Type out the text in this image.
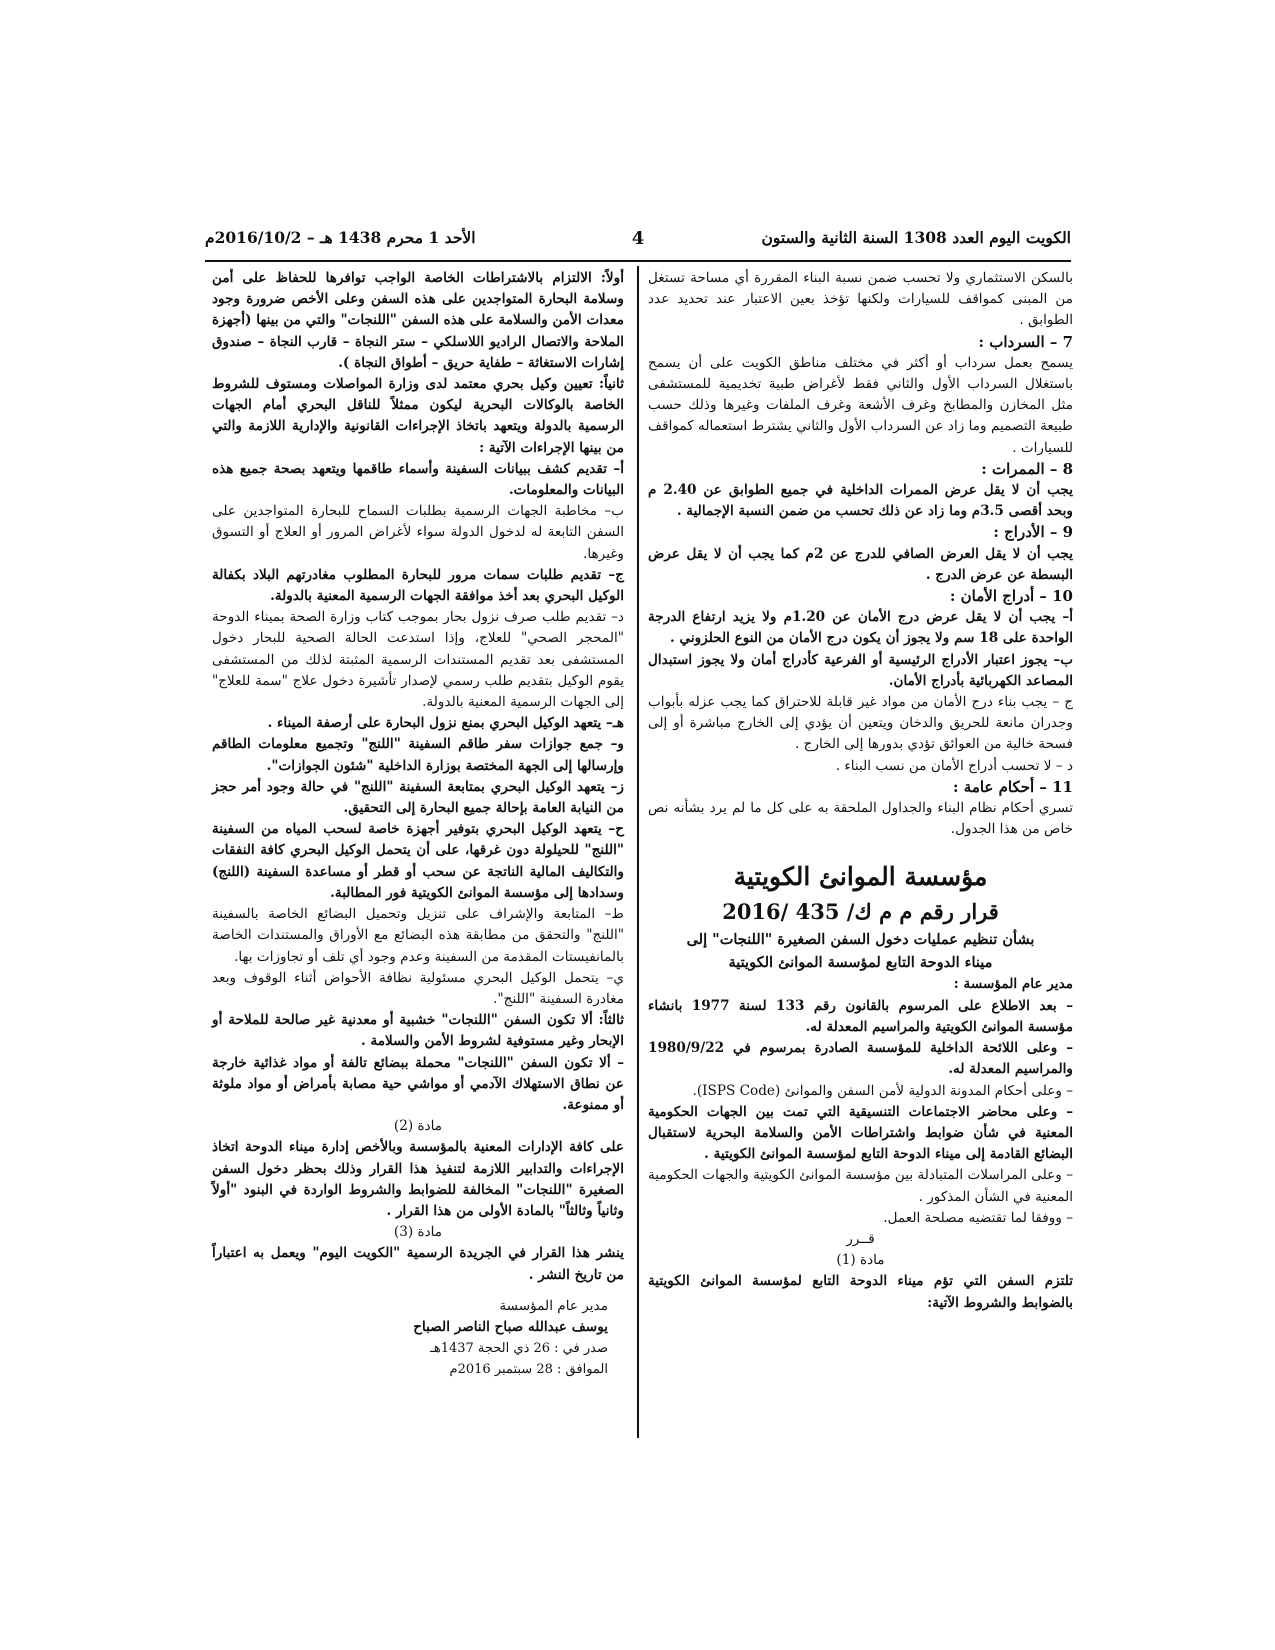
الكويت اليوم العدد 1308 السنة الثانية والستون
4
الأحد 1 محرم 1438 هـ – 2016/10/2م

بالسكن الاستثماري ولا تحسب ضمن نسبة البناء المقررة أي مساحة تستغل من المبنى كمواقف للسيارات ولكنها تؤخذ بعين الاعتبار عند تحديد عدد الطوابق .

7 – السرداب :

يسمح بعمل سرداب أو أكثر في مختلف مناطق الكويت على أن يسمح باستغلال السرداب الأول والثاني فقط لأغراض طبية تخديمية للمستشفى مثل المخازن والمطابخ وغرف الأشعة وغرف الملفات وغيرها وذلك حسب طبيعة التصميم وما زاد عن السرداب الأول والثاني يشترط استعماله كمواقف للسيارات .

8 – الممرات :

يجب أن لا يقل عرض الممرات الداخلية في جميع الطوابق عن 2.40 م وبحد أقصى 3.5م وما زاد عن ذلك تحسب من ضمن النسبة الإجمالية .

9 – الأدراج :

يجب أن لا يقل العرض الصافي للدرج عن 2م كما يجب أن لا يقل عرض البسطة عن عرض الدرج .

10 – أدراج الأمان :

أ– يجب أن لا يقل عرض درج الأمان عن 1.20م ولا يزيد ارتفاع الدرجة الواحدة على 18 سم ولا يجوز أن يكون درج الأمان من النوع الحلزوني .

ب– يجوز اعتبار الأدراج الرئيسية أو الفرعية كأدراج أمان ولا يجوز استبدال المصاعد الكهربائية بأدراج الأمان.

ج – يجب بناء درج الأمان من مواد غير قابلة للاحتراق كما يجب عزله بأبواب وجدران مانعة للحريق والدخان ويتعين أن يؤدي إلى الخارج مباشرة أو إلى فسحة خالية من العوائق تؤدي بدورها إلى الخارج .

د – لا تحسب أدراج الأمان من نسب البناء .

11 – أحكام عامة :

تسري أحكام نظام البناء والجداول الملحقة به على كل ما لم يرد بشأنه نص خاص من هذا الجدول.

مؤسسة الموانئ الكويتية

قرار رقم م م ك/ 435 /2016

بشأن تنظيم عمليات دخول السفن الصغيرة "اللنجات" إلى

ميناء الدوحة التابع لمؤسسة الموانئ الكويتية

مدير عام المؤسسة :

– بعد الاطلاع على المرسوم بالقانون رقم 133 لسنة 1977 بانشاء مؤسسة الموانئ الكويتية والمراسيم المعدلة له.

– وعلى اللائحة الداخلية للمؤسسة الصادرة بمرسوم في 1980/9/22 والمراسيم المعدلة له.

– وعلى أحكام المدونة الدولية لأمن السفن والموانئ (ISPS Code).

– وعلى محاضر الاجتماعات التنسيقية التي تمت بين الجهات الحكومية المعنية في شأن ضوابط واشتراطات الأمن والسلامة البحرية لاستقبال البضائع القادمة إلى ميناء الدوحة التابع لمؤسسة الموانئ الكويتية .

– وعلى المراسلات المتبادلة بين مؤسسة الموانئ الكويتية والجهات الحكومية المعنية في الشأن المذكور .

– ووفقا لما تقتضيه مصلحة العمل.

قــرر

مادة (1)

تلتزم السفن التي تؤم ميناء الدوحة التابع لمؤسسة الموانئ الكويتية بالضوابط والشروط الآتية:

أولاً: الالتزام بالاشتراطات الخاصة الواجب توافرها للحفاظ على أمن وسلامة البحارة المتواجدين على هذه السفن وعلى الأخص ضرورة وجود معدات الأمن والسلامة على هذه السفن "اللنجات" والتي من بينها (أجهزة الملاحة والاتصال الراديو اللاسلكي – ستر النجاة – قارب النجاة – صندوق إشارات الاستغاثة – طفاية حريق – أطواق النجاة ).

ثانياً: تعيين وكيل بحري معتمد لدى وزارة المواصلات ومستوف للشروط الخاصة بالوكالات البحرية ليكون ممثلاً للناقل البحري أمام الجهات الرسمية بالدولة ويتعهد باتخاذ الإجراءات القانونية والإدارية اللازمة والتي من بينها الإجراءات الآتية :

أ– تقديم كشف ببيانات السفينة وأسماء طاقمها ويتعهد بصحة جميع هذه البيانات والمعلومات.

ب– مخاطبة الجهات الرسمية بطلبات السماح للبحارة المتواجدين على السفن التابعة له لدخول الدولة سواء لأغراض المرور أو العلاج أو التسوق وغيرها.

ج– تقديم طلبات سمات مرور للبحارة المطلوب مغادرتهم البلاد بكفالة الوكيل البحري بعد أخذ موافقة الجهات الرسمية المعنية بالدولة.

د– تقديم طلب صرف نزول بحار بموجب كتاب وزارة الصحة بميناء الدوحة "المحجر الصحي" للعلاج، وإذا استدعت الحالة الصحية للبحار دخول المستشفى بعد تقديم المستندات الرسمية المثبتة لذلك من المستشفى يقوم الوكيل بتقديم طلب رسمي لإصدار تأشيرة دخول علاج "سمة للعلاج" إلى الجهات الرسمية المعنية بالدولة.

هـ– يتعهد الوكيل البحري بمنع نزول البحارة على أرصفة الميناء .

و– جمع جوازات سفر طاقم السفينة "اللنج" وتجميع معلومات الطاقم وإرسالها إلى الجهة المختصة بوزارة الداخلية "شئون الجوازات".

ز– يتعهد الوكيل البحري بمتابعة السفينة "اللنج" في حالة وجود أمر حجز من النيابة العامة بإحالة جميع البحارة إلى التحقيق.

ح– يتعهد الوكيل البحري بتوفير أجهزة خاصة لسحب المياه من السفينة "اللنج" للحيلولة دون غرقها، على أن يتحمل الوكيل البحري كافة النفقات والتكاليف المالية الناتجة عن سحب أو قطر أو مساعدة السفينة (اللنج) وسدادها إلى مؤسسة الموانئ الكويتية فور المطالبة.

ط– المتابعة والإشراف على تنزيل وتحميل البضائع الخاصة بالسفينة "اللنج" والتحقق من مطابقة هذه البضائع مع الأوراق والمستندات الخاصة بالمانفيستات المقدمة من السفينة وعدم وجود أي تلف أو تجاوزات بها.

ي– يتحمل الوكيل البحري مسئولية نظافة الأحواض أثناء الوقوف وبعد مغادرة السفينة "اللنج".

ثالثاً: ألا تكون السفن "اللنجات" خشبية أو معدنية غير صالحة للملاحة أو الإبحار وغير مستوفية لشروط الأمن والسلامة .

– ألا تكون السفن "اللنجات" محملة ببضائع تالفة أو مواد غذائية خارجة عن نطاق الاستهلاك الآدمي أو مواشي حية مصابة بأمراض أو مواد ملوثة أو ممنوعة.

مادة (2)

على كافة الإدارات المعنية بالمؤسسة وبالأخص إدارة ميناء الدوحة اتخاذ الإجراءات والتدابير اللازمة لتنفيذ هذا القرار وذلك بحظر دخول السفن الصغيرة "اللنجات" المخالفة للضوابط والشروط الواردة في البنود "أولاً وثانياً وثالثاً" بالمادة الأولى من هذا القرار .

مادة (3)

ينشر هذا القرار في الجريدة الرسمية "الكويت اليوم" ويعمل به اعتباراً من تاريخ النشر .

مدير عام المؤسسة

يوسف عبدالله صباح الناصر الصباح

صدر في : 26 ذي الحجة 1437هـ

الموافق : 28 سبتمبر 2016م
